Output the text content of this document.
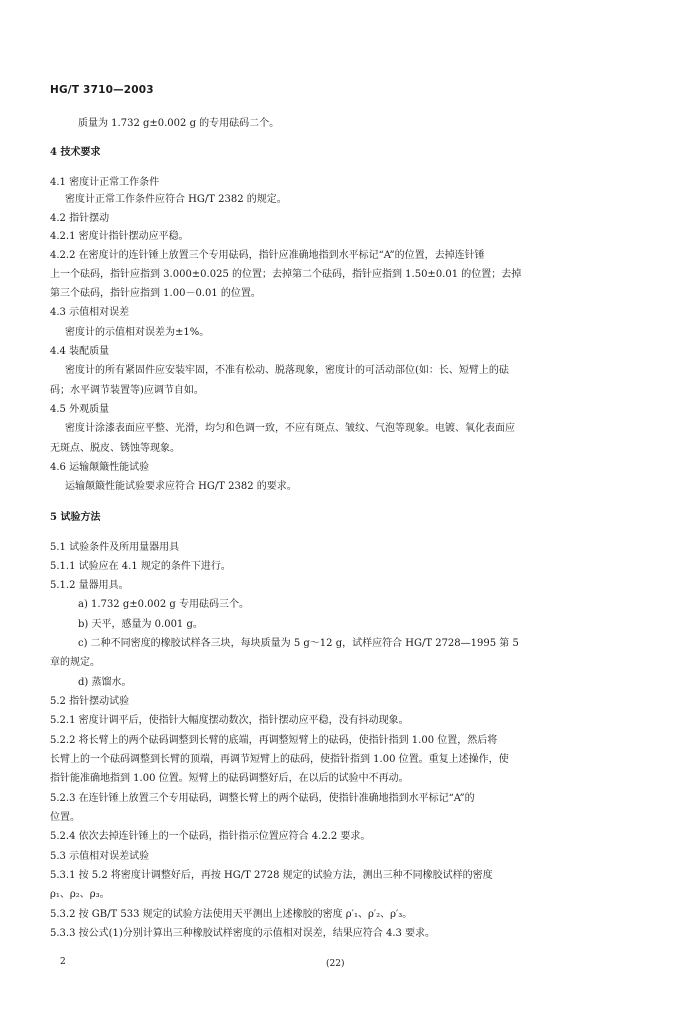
HG/T 3710—2003
质量为 1.732 g±0.002 g 的专用砝码二个。
4 技术要求
4.1 密度计正常工作条件
密度计正常工作条件应符合 HG/T 2382 的规定。
4.2 指针摆动
4.2.1 密度计指针摆动应平稳。
4.2.2 在密度计的连针锤上放置三个专用砝码，指针应准确地指到水平标记“A”的位置，去掉连针锤
上一个砝码，指针应指到 3.000±0.025 的位置；去掉第二个砝码，指针应指到 1.50±0.01 的位置；去掉
第三个砝码，指针应指到 1.00－0.01 的位置。
4.3 示值相对误差
密度计的示值相对误差为±1%。
4.4 装配质量
密度计的所有紧固件应安装牢固，不准有松动、脱落现象，密度计的可活动部位(如：长、短臂上的砝
码；水平调节装置等)应调节自如。
4.5 外观质量
密度计涂漆表面应平整、光滑，均匀和色调一致，不应有斑点、皱纹、气泡等现象。电镀、氧化表面应
无斑点、脱皮、锈蚀等现象。
4.6 运输颠簸性能试验
运输颠簸性能试验要求应符合 HG/T 2382 的要求。
5 试验方法
5.1 试验条件及所用量器用具
5.1.1 试验应在 4.1 规定的条件下进行。
5.1.2 量器用具。
a) 1.732 g±0.002 g 专用砝码三个。
b) 天平，感量为 0.001 g。
c) 二种不同密度的橡胶试样各三块，每块质量为 5 g～12 g，试样应符合 HG/T 2728—1995 第 5
章的规定。
d) 蒸馏水。
5.2 指针摆动试验
5.2.1 密度计调平后，使指针大幅度摆动数次，指针摆动应平稳，没有抖动现象。
5.2.2 将长臂上的两个砝码调整到长臂的底端，再调整短臂上的砝码，使指针指到 1.00 位置，然后将
长臂上的一个砝码调整到长臂的顶端，再调节短臂上的砝码，使指针指到 1.00 位置。重复上述操作，使
指针能准确地指到 1.00 位置。短臂上的砝码调整好后，在以后的试验中不再动。
5.2.3 在连针锤上放置三个专用砝码，调整长臂上的两个砝码，使指针准确地指到水平标记“A”的
位置。
5.2.4 依次去掉连针锤上的一个砝码，指针指示位置应符合 4.2.2 要求。
5.3 示值相对误差试验
5.3.1 按 5.2 将密度计调整好后，再按 HG/T 2728 规定的试验方法，测出三种不同橡胶试样的密度
ρ₁、ρ₂、ρ₃。
5.3.2 按 GB/T 533 规定的试验方法使用天平测出上述橡胶的密度 ρ′₁、ρ′₂、ρ′₃。
5.3.3 按公式(1)分别计算出三种橡胶试样密度的示值相对误差，结果应符合 4.3 要求。
2	(22)
